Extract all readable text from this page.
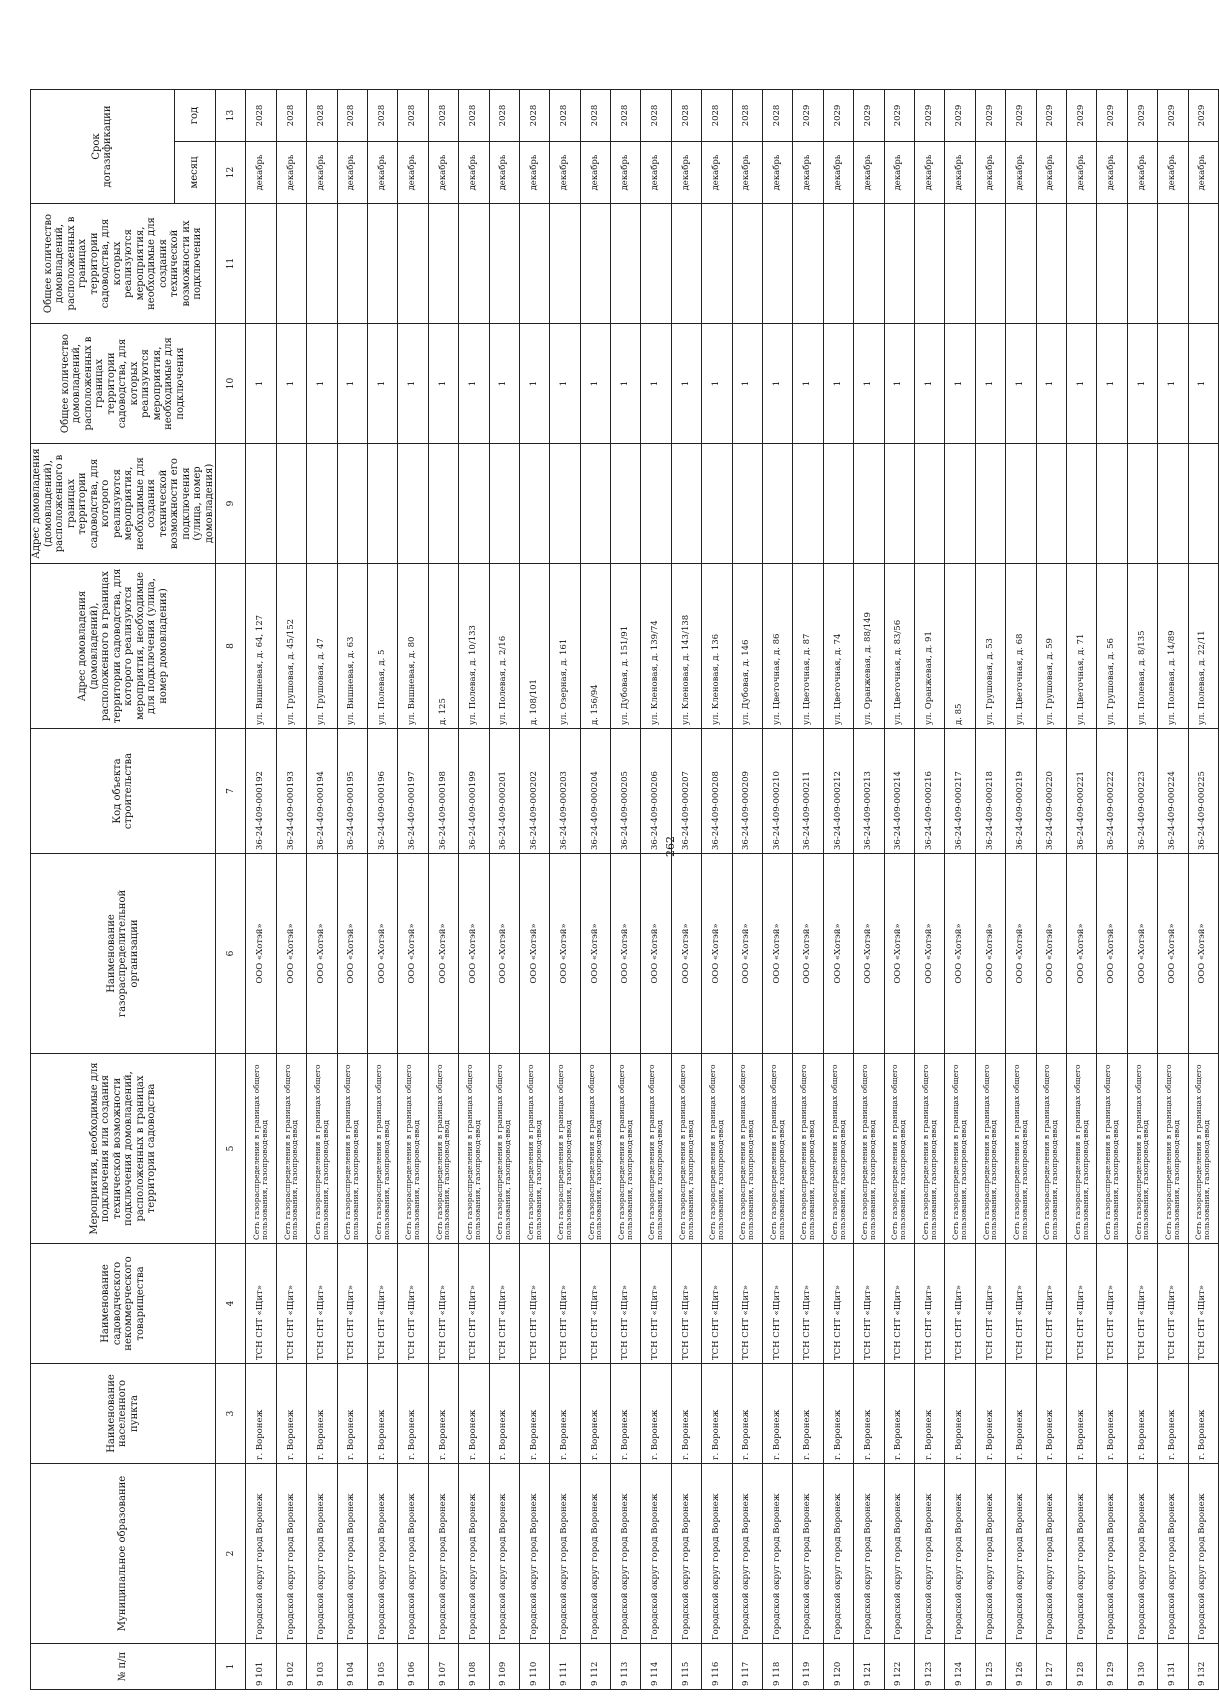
262
№ п/п	Муниципальное образование	Наименование населенного пункта	Наименование садоводческого некоммерческого товарищества	Мероприятия, необходимые для подключения или создания технической возможности подключения домовладений, расположенных в границах территории садоводства	Наименование газораспределительной организации	Код объекта строительства	Адрес домовладения (домовладений), расположенного в границах территории садоводства, для которого реализуются мероприятия, необходимые для подключения (улица, номер домовладения)	Адрес домовладения (домовладений), расположенного в границах территории садоводства, для которого реализуются мероприятия, необходимые для создания технической возможности его подключения (улица, номер домовладения)	Общее количество домовладений, расположенных в границах территории садоводства, для которых реализуются мероприятия, необходимые для подключения	Общее количество домовладений, расположенных в границах территории садоводства, для которых реализуются мероприятия, необходимые для создания технической возможности их подключения	Срок догазификации	
											месяц	год
1	2	3	4	5	6	7	8	9	10	11	12	13
9 101	Городской округ город Воронеж	г. Воронеж	ТСН СНТ «Щит»	Сеть газораспределения в границах общего пользования, газопровод-ввод	ООО «Хотэй»	36-24-409-000192	ул. Вишневая, д. 64, 127		1		декабрь	2028
9 102	Городской округ город Воронеж	г. Воронеж	ТСН СНТ «Щит»	Сеть газораспределения в границах общего пользования, газопровод-ввод	ООО «Хотэй»	36-24-409-000193	ул. Грушовая, д. 45/152		1		декабрь	2028
9 103	Городской округ город Воронеж	г. Воронеж	ТСН СНТ «Щит»	Сеть газораспределения в границах общего пользования, газопровод-ввод	ООО «Хотэй»	36-24-409-000194	ул. Грушовая, д. 47		1		декабрь	2028
9 104	Городской округ город Воронеж	г. Воронеж	ТСН СНТ «Щит»	Сеть газораспределения в границах общего пользования, газопровод-ввод	ООО «Хотэй»	36-24-409-000195	ул. Вишневая, д. 63		1		декабрь	2028
9 105	Городской округ город Воронеж	г. Воронеж	ТСН СНТ «Щит»	Сеть газораспределения в границах общего пользования, газопровод-ввод	ООО «Хотэй»	36-24-409-000196	ул. Полевая, д. 5		1		декабрь	2028
9 106	Городской округ город Воронеж	г. Воронеж	ТСН СНТ «Щит»	Сеть газораспределения в границах общего пользования, газопровод-ввод	ООО «Хотэй»	36-24-409-000197	ул. Вишневая, д. 80		1		декабрь	2028
9 107	Городской округ город Воронеж	г. Воронеж	ТСН СНТ «Щит»	Сеть газораспределения в границах общего пользования, газопровод-ввод	ООО «Хотэй»	36-24-409-000198	д. 125		1		декабрь	2028
9 108	Городской округ город Воронеж	г. Воронеж	ТСН СНТ «Щит»	Сеть газораспределения в границах общего пользования, газопровод-ввод	ООО «Хотэй»	36-24-409-000199	ул. Полевая, д. 10/133		1		декабрь	2028
9 109	Городской округ город Воронеж	г. Воронеж	ТСН СНТ «Щит»	Сеть газораспределения в границах общего пользования, газопровод-ввод	ООО «Хотэй»	36-24-409-000201	ул. Полевая, д. 2/16		1		декабрь	2028
9 110	Городской округ город Воронеж	г. Воронеж	ТСН СНТ «Щит»	Сеть газораспределения в границах общего пользования, газопровод-ввод	ООО «Хотэй»	36-24-409-000202	д. 108/101		1		декабрь	2028
9 111	Городской округ город Воронеж	г. Воронеж	ТСН СНТ «Щит»	Сеть газораспределения в границах общего пользования, газопровод-ввод	ООО «Хотэй»	36-24-409-000203	ул. Озерная, д. 161		1		декабрь	2028
9 112	Городской округ город Воронеж	г. Воронеж	ТСН СНТ «Щит»	Сеть газораспределения в границах общего пользования, газопровод-ввод	ООО «Хотэй»	36-24-409-000204	д. 156/94		1		декабрь	2028
9 113	Городской округ город Воронеж	г. Воронеж	ТСН СНТ «Щит»	Сеть газораспределения в границах общего пользования, газопровод-ввод	ООО «Хотэй»	36-24-409-000205	ул. Дубовая, д. 151/91		1		декабрь	2028
9 114	Городской округ город Воронеж	г. Воронеж	ТСН СНТ «Щит»	Сеть газораспределения в границах общего пользования, газопровод-ввод	ООО «Хотэй»	36-24-409-000206	ул. Кленовая, д. 139/74		1		декабрь	2028
9 115	Городской округ город Воронеж	г. Воронеж	ТСН СНТ «Щит»	Сеть газораспределения в границах общего пользования, газопровод-ввод	ООО «Хотэй»	36-24-409-000207	ул. Кленовая, д. 143/138		1		декабрь	2028
9 116	Городской округ город Воронеж	г. Воронеж	ТСН СНТ «Щит»	Сеть газораспределения в границах общего пользования, газопровод-ввод	ООО «Хотэй»	36-24-409-000208	ул. Кленовая, д. 136		1		декабрь	2028
9 117	Городской округ город Воронеж	г. Воронеж	ТСН СНТ «Щит»	Сеть газораспределения в границах общего пользования, газопровод-ввод	ООО «Хотэй»	36-24-409-000209	ул. Дубовая, д. 146		1		декабрь	2028
9 118	Городской округ город Воронеж	г. Воронеж	ТСН СНТ «Щит»	Сеть газораспределения в границах общего пользования, газопровод-ввод	ООО «Хотэй»	36-24-409-000210	ул. Цветочная, д. 86		1		декабрь	2028
9 119	Городской округ город Воронеж	г. Воронеж	ТСН СНТ «Щит»	Сеть газораспределения в границах общего пользования, газопровод-ввод	ООО «Хотэй»	36-24-409-000211	ул. Цветочная, д. 87		1		декабрь	2029
9 120	Городской округ город Воронеж	г. Воронеж	ТСН СНТ «Щит»	Сеть газораспределения в границах общего пользования, газопровод-ввод	ООО «Хотэй»	36-24-409-000212	ул. Цветочная, д. 74		1		декабрь	2029
9 121	Городской округ город Воронеж	г. Воронеж	ТСН СНТ «Щит»	Сеть газораспределения в границах общего пользования, газопровод-ввод	ООО «Хотэй»	36-24-409-000213	ул. Оранжевая, д. 88/149		1		декабрь	2029
9 122	Городской округ город Воронеж	г. Воронеж	ТСН СНТ «Щит»	Сеть газораспределения в границах общего пользования, газопровод-ввод	ООО «Хотэй»	36-24-409-000214	ул. Цветочная, д. 83/56		1		декабрь	2029
9 123	Городской округ город Воронеж	г. Воронеж	ТСН СНТ «Щит»	Сеть газораспределения в границах общего пользования, газопровод-ввод	ООО «Хотэй»	36-24-409-000216	ул. Оранжевая, д. 91		1		декабрь	2029
9 124	Городской округ город Воронеж	г. Воронеж	ТСН СНТ «Щит»	Сеть газораспределения в границах общего пользования, газопровод-ввод	ООО «Хотэй»	36-24-409-000217	д. 85		1		декабрь	2029
9 125	Городской округ город Воронеж	г. Воронеж	ТСН СНТ «Щит»	Сеть газораспределения в границах общего пользования, газопровод-ввод	ООО «Хотэй»	36-24-409-000218	ул. Грушовая, д. 53		1		декабрь	2029
9 126	Городской округ город Воронеж	г. Воронеж	ТСН СНТ «Щит»	Сеть газораспределения в границах общего пользования, газопровод-ввод	ООО «Хотэй»	36-24-409-000219	ул. Цветочная, д. 68		1		декабрь	2029
9 127	Городской округ город Воронеж	г. Воронеж	ТСН СНТ «Щит»	Сеть газораспределения в границах общего пользования, газопровод-ввод	ООО «Хотэй»	36-24-409-000220	ул. Грушовая, д. 59		1		декабрь	2029
9 128	Городской округ город Воронеж	г. Воронеж	ТСН СНТ «Щит»	Сеть газораспределения в границах общего пользования, газопровод-ввод	ООО «Хотэй»	36-24-409-000221	ул. Цветочная, д. 71		1		декабрь	2029
9 129	Городской округ город Воронеж	г. Воронеж	ТСН СНТ «Щит»	Сеть газораспределения в границах общего пользования, газопровод-ввод	ООО «Хотэй»	36-24-409-000222	ул. Грушовая, д. 56		1		декабрь	2029
9 130	Городской округ город Воронеж	г. Воронеж	ТСН СНТ «Щит»	Сеть газораспределения в границах общего пользования, газопровод-ввод	ООО «Хотэй»	36-24-409-000223	ул. Полевая, д. 8/135		1		декабрь	2029
9 131	Городской округ город Воронеж	г. Воронеж	ТСН СНТ «Щит»	Сеть газораспределения в границах общего пользования, газопровод-ввод	ООО «Хотэй»	36-24-409-000224	ул. Полевая, д. 14/89		1		декабрь	2029
9 132	Городской округ город Воронеж	г. Воронеж	ТСН СНТ «Щит»	Сеть газораспределения в границах общего пользования, газопровод-ввод	ООО «Хотэй»	36-24-409-000225	ул. Полевая, д. 22/11		1		декабрь	2029
